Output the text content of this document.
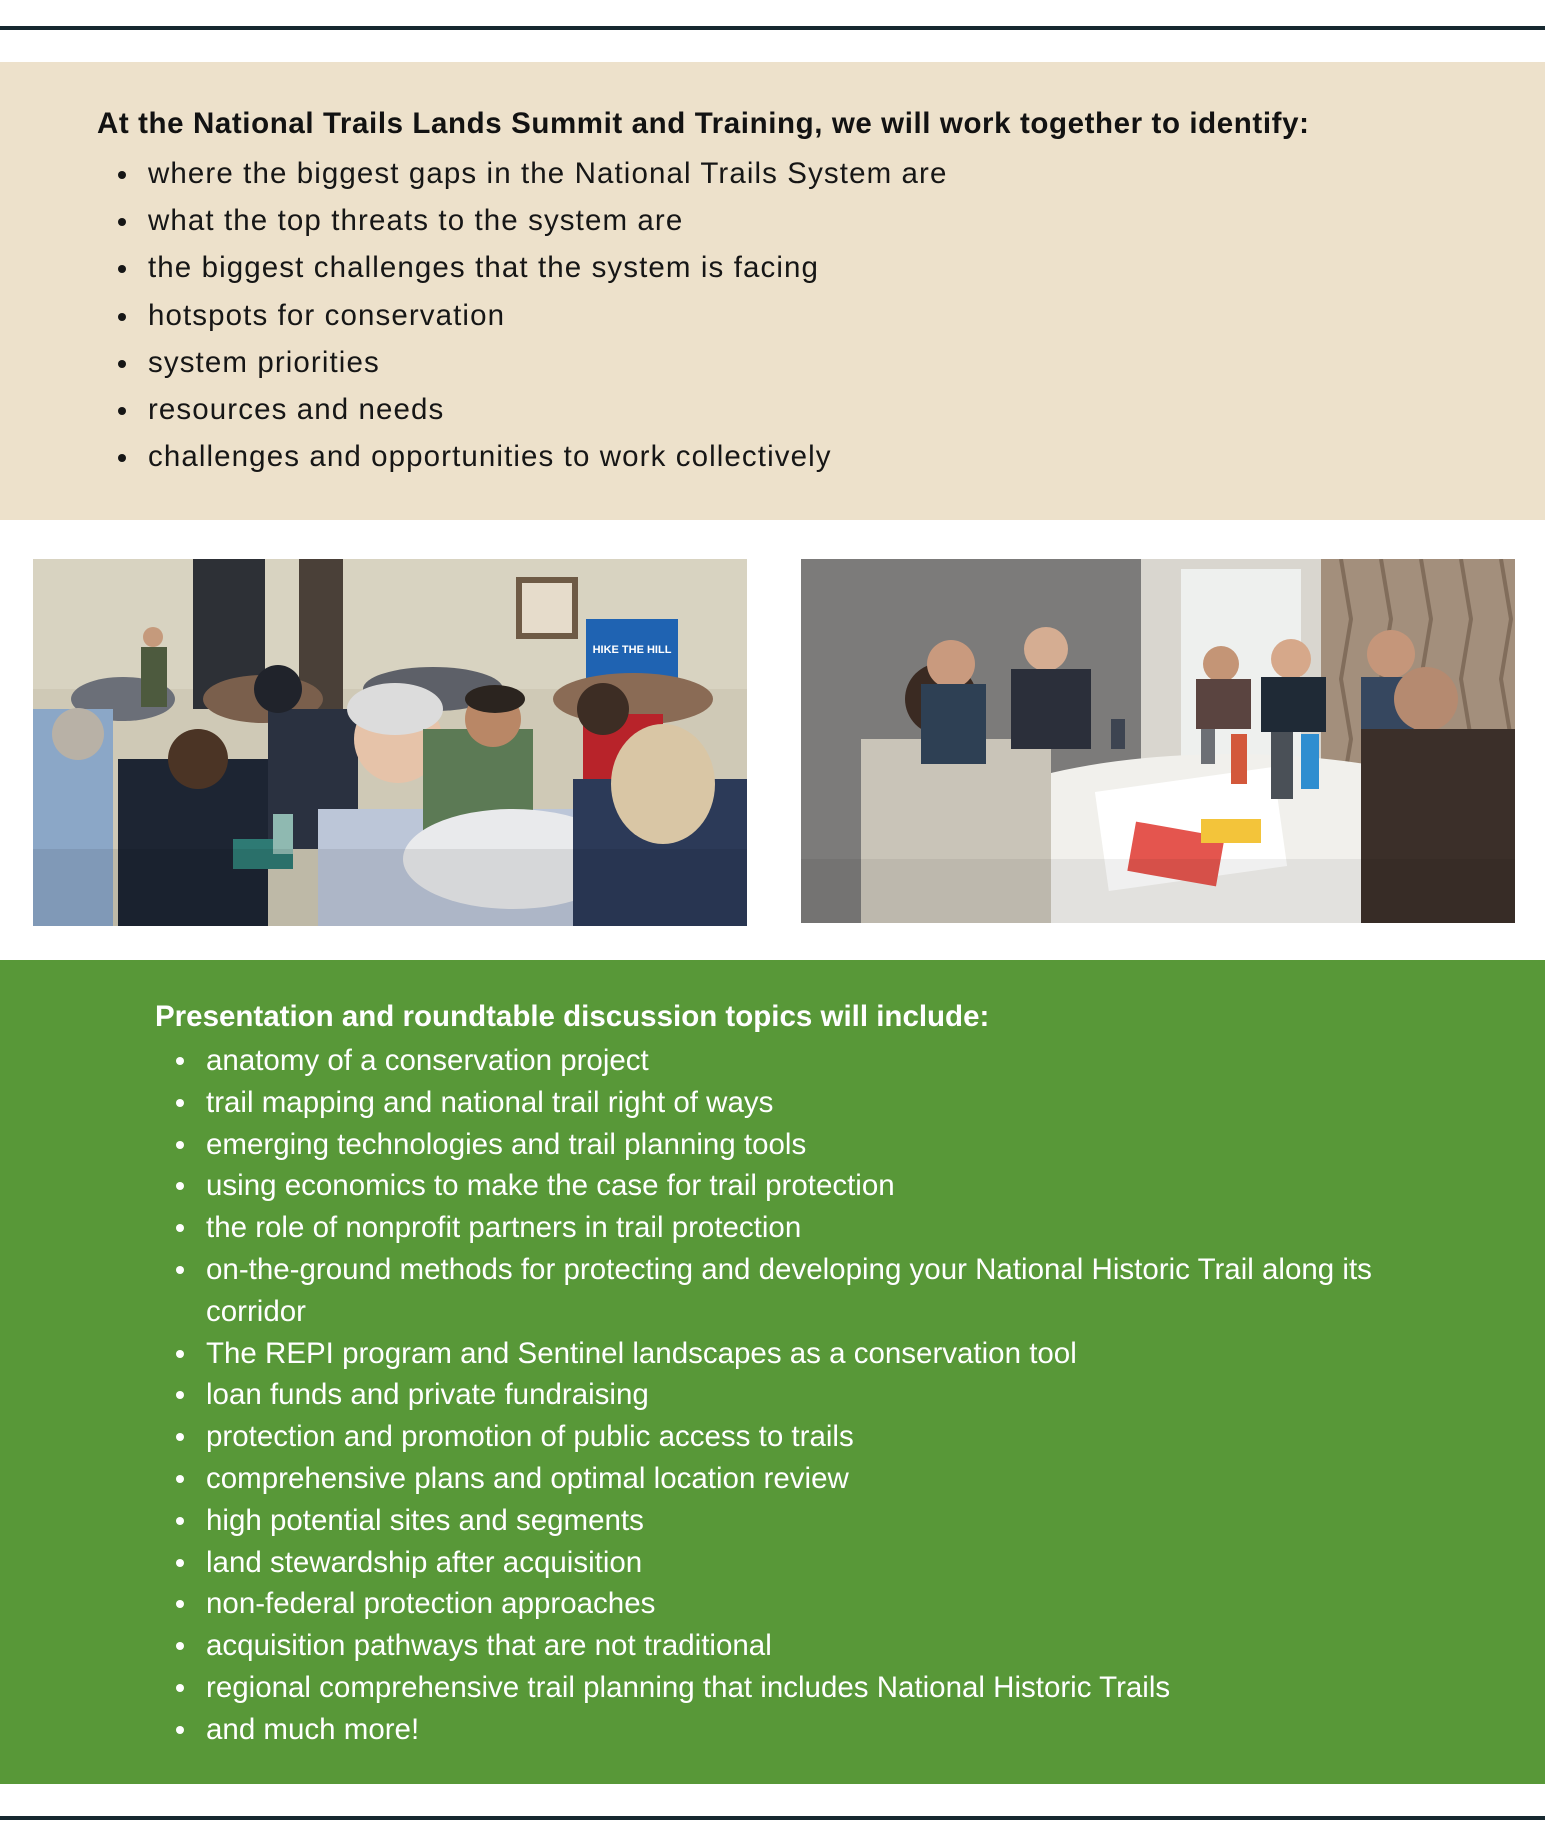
At the National Trails Lands Summit and Training, we will work together to identify:
where the biggest gaps in the National Trails System are
what the top threats to the system are
the biggest challenges that the system is facing
hotspots for conservation
system priorities
resources and needs
challenges and opportunities to work collectively
HIKE THE HILL
Presentation and roundtable discussion topics will include:
anatomy of a conservation project
trail mapping and national trail right of ways
emerging technologies and trail planning tools
using economics to make the case for trail protection
the role of nonprofit partners in trail protection
on-the-ground methods for protecting and developing your National Historic Trail along its corridor
The REPI program and Sentinel landscapes as a conservation tool
loan funds and private fundraising
protection and promotion of public access to trails
comprehensive plans and optimal location review
high potential sites and segments
land stewardship after acquisition
non-federal protection approaches
acquisition pathways that are not traditional
regional comprehensive trail planning that includes National Historic Trails
and much more!
